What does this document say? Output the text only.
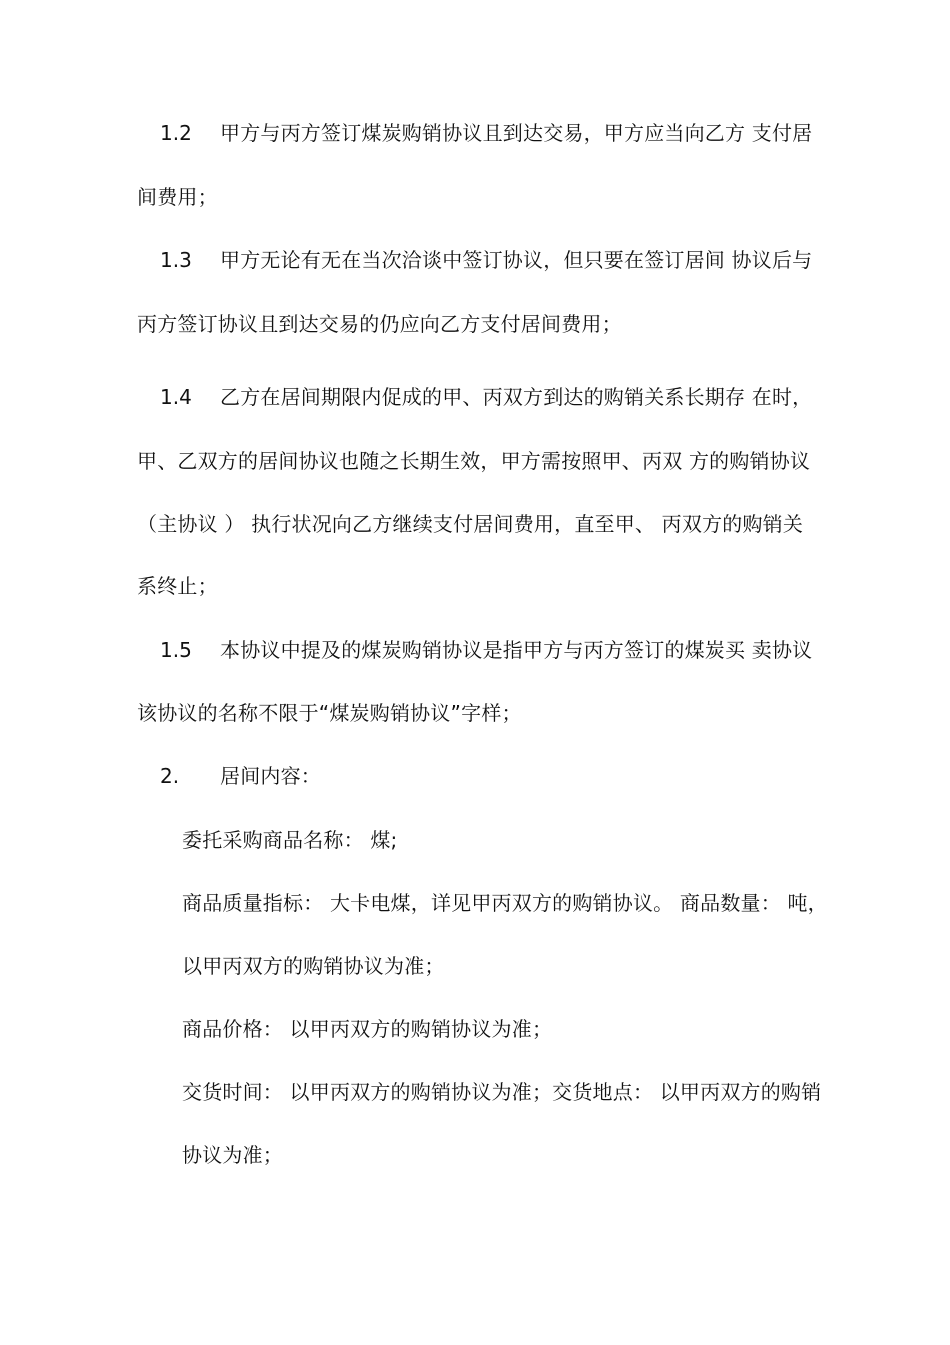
1.2 甲方与丙方签订煤炭购销协议且到达交易，甲方应当向乙方 支付居
间费用；
1.3 甲方无论有无在当次洽谈中签订协议，但只要在签订居间 协议后与
丙方签订协议且到达交易的仍应向乙方支付居间费用；
1.4 乙方在居间期限内促成的甲、丙双方到达的购销关系长期存 在时，
甲、乙双方的居间协议也随之长期生效，甲方需按照甲、丙双 方的购销协议
（主协议 ） 执行状况向乙方继续支付居间费用，直至甲、 丙双方的购销关
系终止；
1.5 本协议中提及的煤炭购销协议是指甲方与丙方签订的煤炭买 卖协议
该协议的名称不限于“煤炭购销协议”字样；
2. 居间内容：
委托采购商品名称： 煤;
商品质量指标： 大卡电煤，详见甲丙双方的购销协议。 商品数量： 吨，
以甲丙双方的购销协议为准；
商品价格： 以甲丙双方的购销协议为准；
交货时间： 以甲丙双方的购销协议为准；交货地点： 以甲丙双方的购销
协议为准；
